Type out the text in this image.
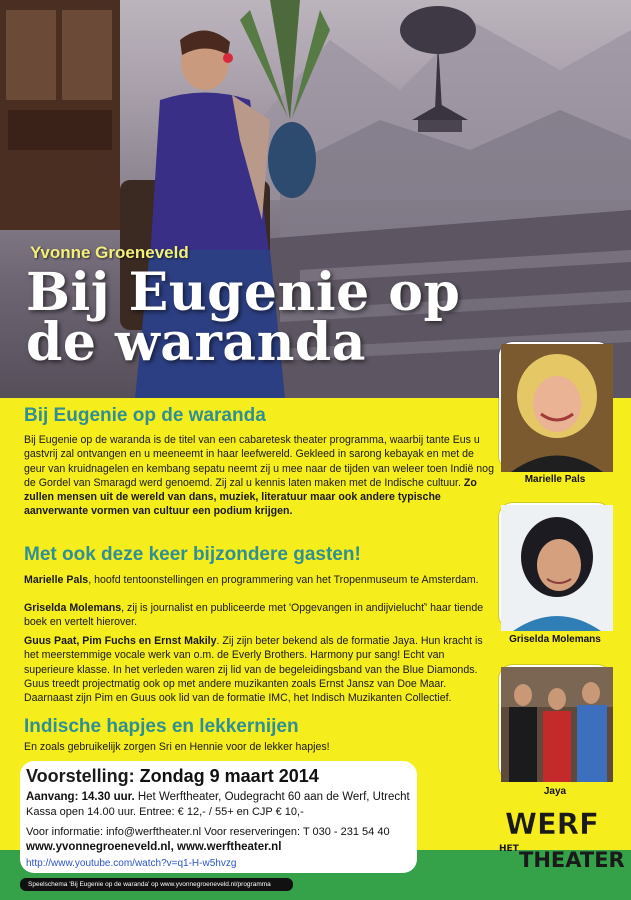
Yvonne Groeneveld
Bij Eugenie op
de waranda
Bij Eugenie op de waranda

Bij Eugenie op de waranda is de titel van een cabaretesk theater programma, waarbij tante Eus u gastvrij zal ontvangen en u meeneemt in haar leefwereld. Gekleed in sarong kebayak en met de geur van kruidnagelen en kembang sepatu neemt zij u mee naar de tijden van weleer toen Indië nog de Gordel van Smaragd werd genoemd. Zij zal u kennis laten maken met de Indische cultuur. Zo zullen mensen uit de wereld van dans, muziek, literatuur maar ook andere typische aanverwante vormen van cultuur een podium krijgen.

Met ook deze keer bijzondere gasten!

Marielle Pals, hoofd tentoonstellingen en programmering van het Tropenmuseum te Amsterdam.

Griselda Molemans, zij is journalist en publiceerde met 'Opgevangen in andijvieluchť' haar tiende boek en vertelt hierover.

Guus Paat, Pim Fuchs en Ernst Makily. Zij zijn beter bekend als de formatie Jaya. Hun kracht is het meerstemmige vocale werk van o.m. de Everly Brothers. Harmony pur sang! Echt van superieure klasse. In het verleden waren zij lid van de begeleidingsband van the Blue Diamonds. Guus treedt projectmatig ook op met andere muzikanten zoals Ernst Jansz van Doe Maar. Daarnaast zijn Pim en Guus ook lid van de formatie IMC, het Indisch Muzikanten Collectief.

Indische hapjes en lekkernijen

En zoals gebruikelijk zorgen Sri en Hennie voor de lekker hapjes!

Marielle Pals
Griselda Molemans
Jaya
Voorstelling: Zondag 9 maart 2014
Aanvang: 14.30 uur. Het Werftheater, Oudegracht 60 aan de Werf, Utrecht
Kassa open 14.00 uur. Entree: € 12,- / 55+ en CJP € 10,-
Voor informatie: info@werftheater.nl Voor reserveringen: T 030 - 231 54 40
www.yvonnegroeneveld.nl, www.werftheater.nl
http://www.youtube.com/watch?v=q1-H-w5hvzg
Speelschema 'Bij Eugenie op de waranda' op www.yvonnegroeneveld.nl/programma
WERF
HET THEATER
